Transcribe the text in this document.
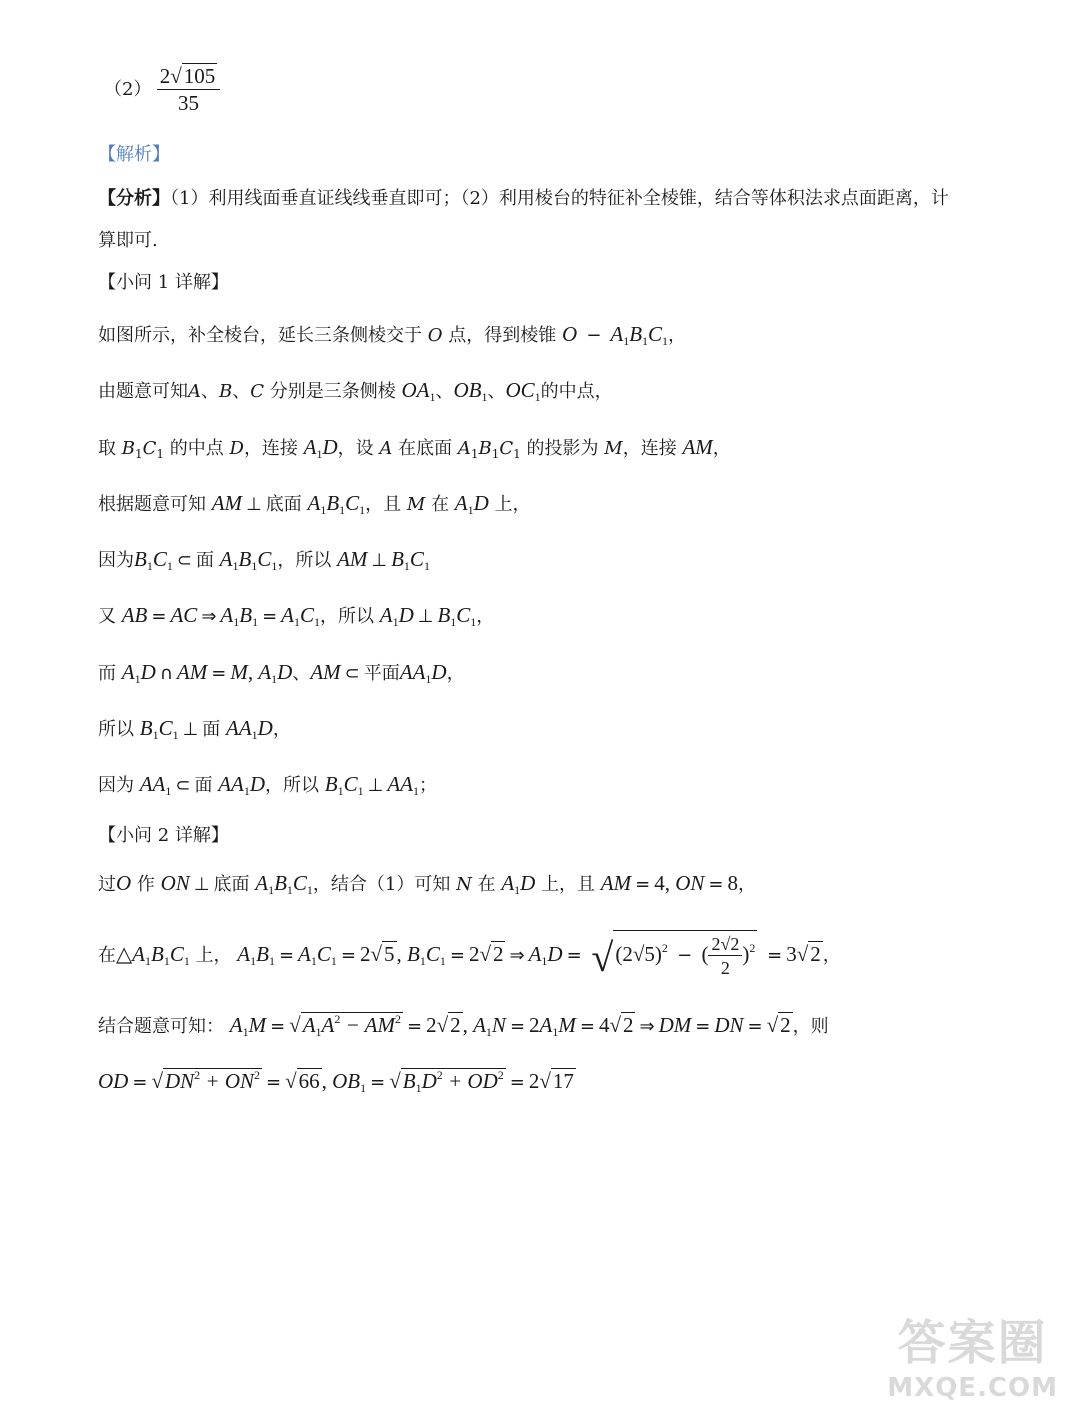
$(2) \frac{2√105}{35}$
【解析】
【分析】（1）利用线面垂直证线线垂直即可；（2）利用棱台的特征补全棱锥，结合等体积法求点面距离，计
算即可.
【小问 1 详解】
如图所示，补全棱台，延长三条侧棱交于 O 点，得到棱锥 $O - A_1B_1C_1$，
由题意可知A、B、C 分别是三条侧棱 $OA_1$、$OB_1$、$OC_1$的中点，
取 $B_1C_1$ 的中点 D，连接 $A_1D$，设 A 在底面 $A_1B_1C_1$ 的投影为 M，连接 AM，
根据题意可知 AM ⊥ 底面 $A_1B_1C_1$，且 M 在 $A_1D$ 上，
因为$B_1C_1$ ⊂ 面 $A_1B_1C_1$，所以 AM ⊥ $B_1C_1$
又 AB = AC ⇒ $A_1B_1 = A_1C_1$，所以 $A_1D$ ⊥ $B_1C_1$，
而 $A_1D$ ∩ AM = M, $A_1D$、AM ⊂ 平面$AA_1D$，
所以 $B_1C_1$ ⊥ 面 $AA_1D$，
因为 $AA_1$ ⊂ 面 $AA_1D$，所以 $B_1C_1$ ⊥ $AA_1$；
【小问 2 详解】
过O 作 ON ⊥ 底面 $A_1B_1C_1$，结合（1）可知 N 在 $A_1D$ 上，且 AM = 4, ON = 8，
在$\triangle A_1B_1C_1$ 上， $A_1B_1 = A_1C_1 = 2√5$, $B_1C_1 = 2√2$ ⇒ $A_1D = √(2√5)^2$ − ( $\frac{2√2}{2} )^2 = 3√2$ ，
结合题意可知： $A_1M = √A_1A^2 - AM^2 = 2√2$, $A_1N = 2A_1M = 4√2$ ⇒ DM = DN = √2 ，则
OD = $√DN^2 + ON^2 = √66$, $OB_1 = √B_1D^2 + OD^2 = 2√17$
答案圈
MXQE.COM
